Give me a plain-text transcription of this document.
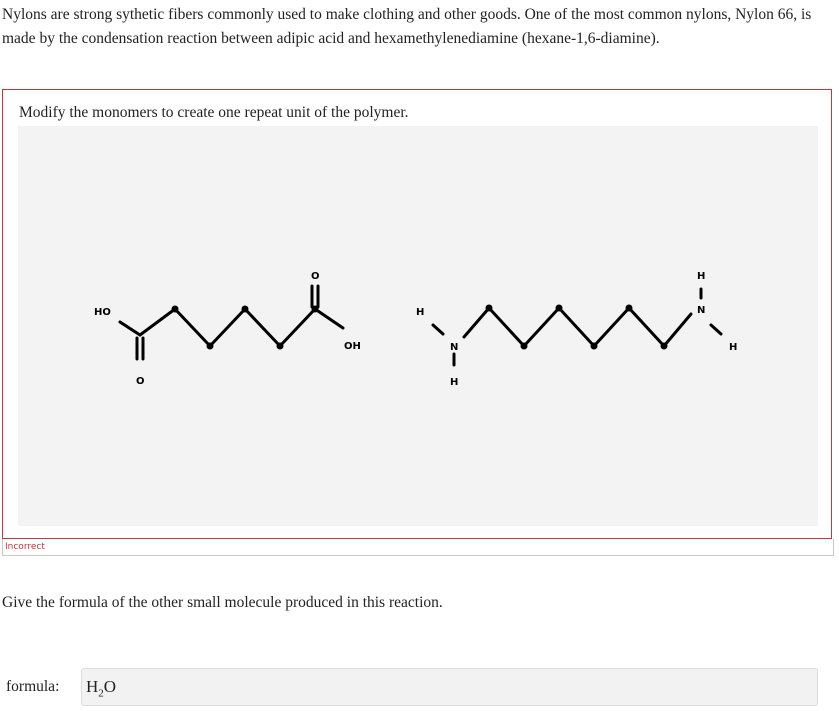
Nylons are strong sythetic fibers commonly used to make clothing and other goods. One of the most common nylons, Nylon 66, is made by the condensation reaction between adipic acid and hexamethylenediamine (hexane-1,6-diamine).

Modify the monomers to create one repeat unit of the polymer.

HO
O
O
OH
H
N
H
H
N
H
Incorrect

Give the formula of the other small molecule produced in this reaction.

formula: $H_2O$
